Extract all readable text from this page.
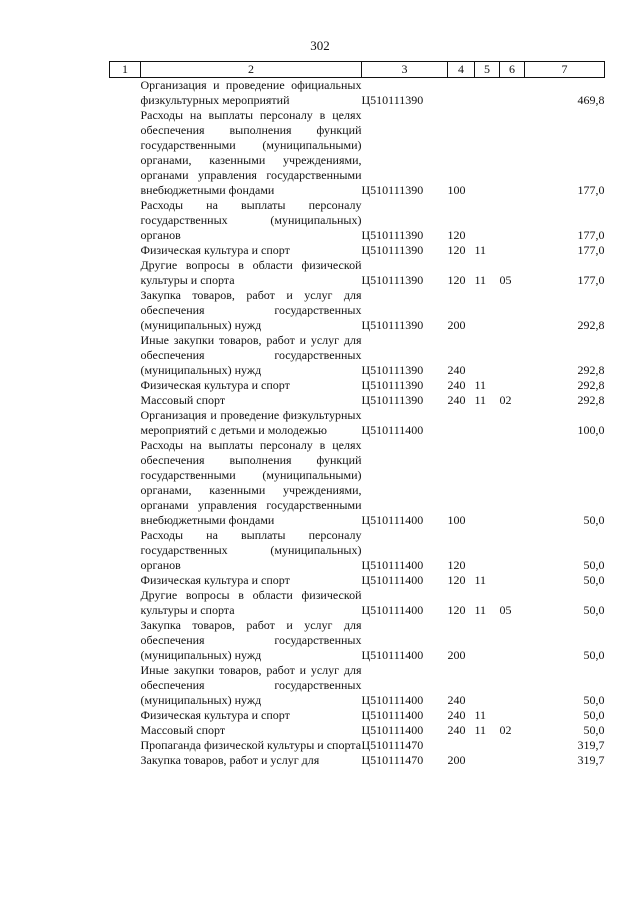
302
1	2	3	4	5	6	7
	Организация и проведение официальных физкультурных мероприятий	Ц510111390				469,8
	Расходы на выплаты персоналу в целях обеспечения выполнения функций государственными (муниципальными) органами, казенными учреждениями, органами управления государственными внебюджетными фондами	Ц510111390	100			177,0
	Расходы на выплаты персоналу государственных (муниципальных) органов	Ц510111390	120			177,0
	Физическая культура и спорт	Ц510111390	120	11		177,0
	Другие вопросы в области физической культуры и спорта	Ц510111390	120	11	05	177,0
	Закупка товаров, работ и услуг для обеспечения государственных (муниципальных) нужд	Ц510111390	200			292,8
	Иные закупки товаров, работ и услуг для обеспечения государственных (муниципальных) нужд	Ц510111390	240			292,8
	Физическая культура и спорт	Ц510111390	240	11		292,8
	Массовый спорт	Ц510111390	240	11	02	292,8
	Организация и проведение физкультурных мероприятий с детьми и молодежью	Ц510111400				100,0
	Расходы на выплаты персоналу в целях обеспечения выполнения функций государственными (муниципальными) органами, казенными учреждениями, органами управления государственными внебюджетными фондами	Ц510111400	100			50,0
	Расходы на выплаты персоналу государственных (муниципальных) органов	Ц510111400	120			50,0
	Физическая культура и спорт	Ц510111400	120	11		50,0
	Другие вопросы в области физической культуры и спорта	Ц510111400	120	11	05	50,0
	Закупка товаров, работ и услуг для обеспечения государственных (муниципальных) нужд	Ц510111400	200			50,0
	Иные закупки товаров, работ и услуг для обеспечения государственных (муниципальных) нужд	Ц510111400	240			50,0
	Физическая культура и спорт	Ц510111400	240	11		50,0
	Массовый спорт	Ц510111400	240	11	02	50,0
	Пропаганда физической культуры и спорта	Ц510111470				319,7
	Закупка товаров, работ и услуг для	Ц510111470	200			319,7
